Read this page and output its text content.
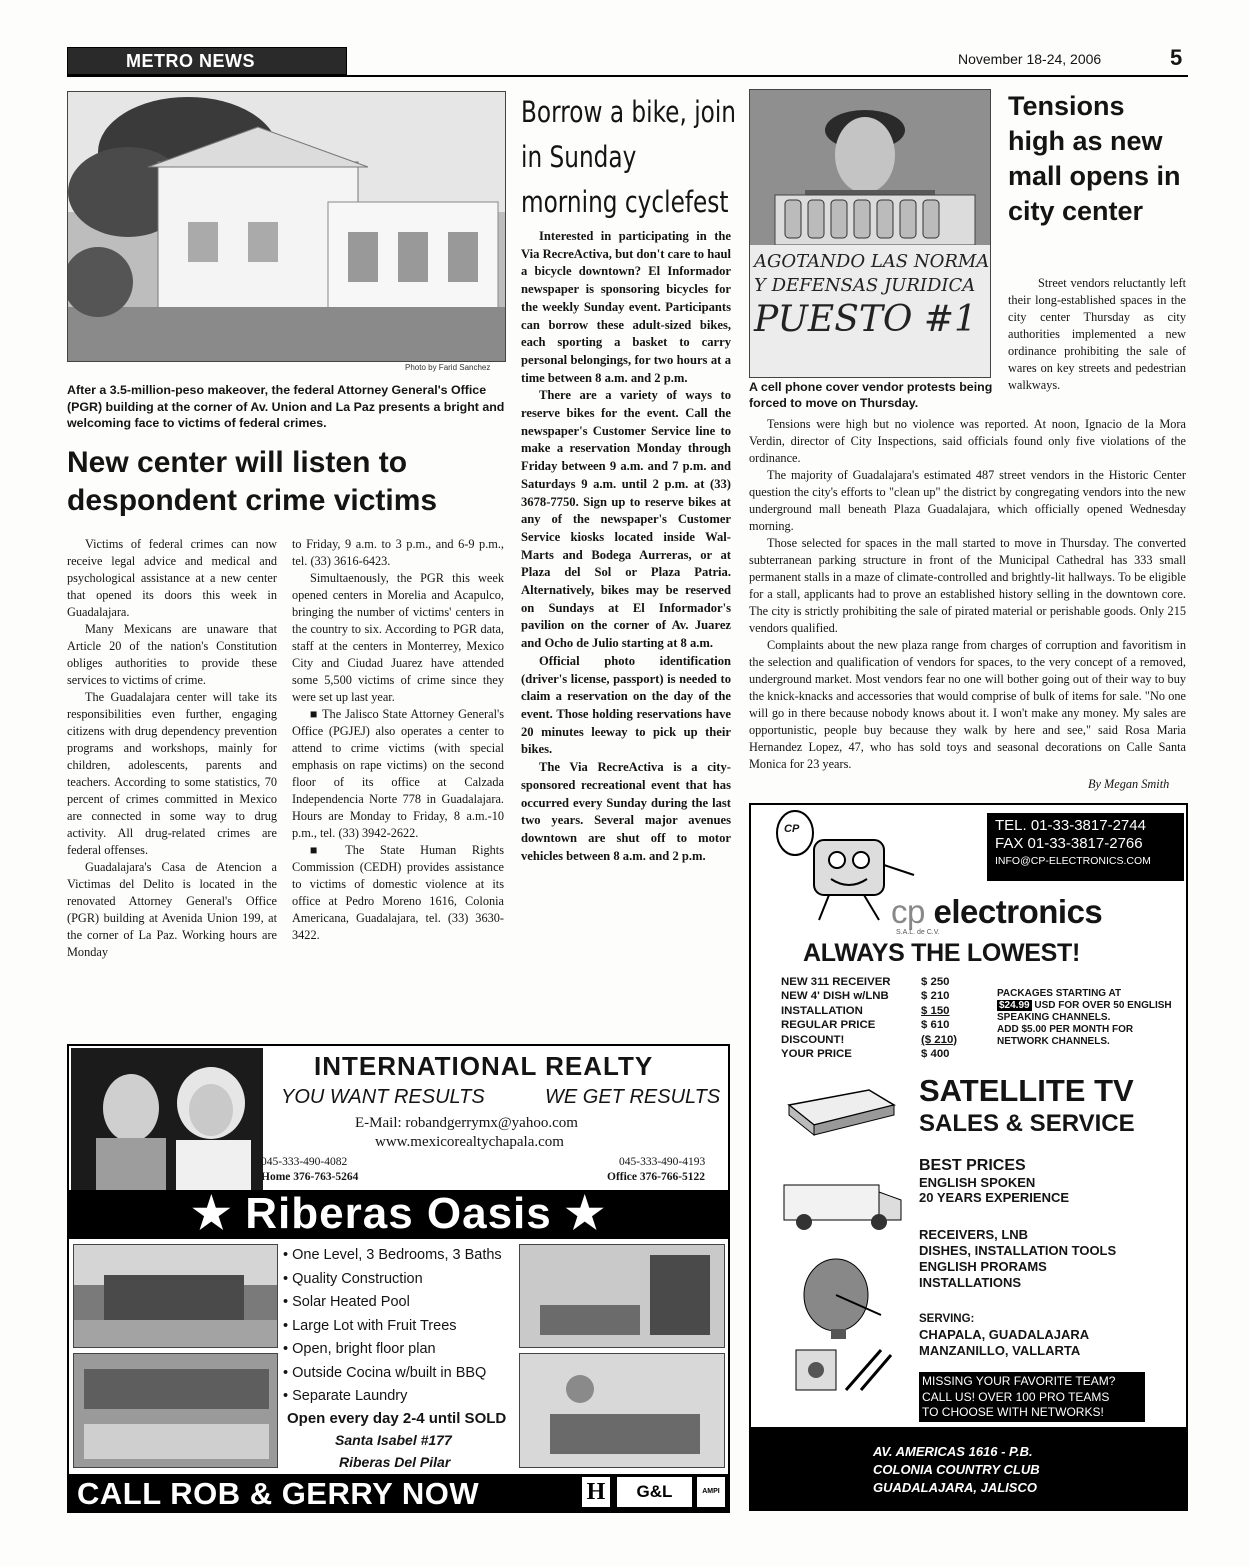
METRO NEWS	November 18-24, 2006	5
Photo by Farid Sanchez
After a 3.5-million-peso makeover, the federal Attorney General's Office (PGR) building at the corner of Av. Union and La Paz presents a bright and welcoming face to victims of federal crimes.
New center will listen to despondent crime victims

Victims of federal crimes can now receive legal advice and medical and psychological assistance at a new center that opened its doors this week in Guadalajara.

Many Mexicans are unaware that Article 20 of the nation's Constitution obliges authorities to provide these services to victims of crime.

The Guadalajara center will take its responsibilities even further, engaging citizens with drug dependency prevention programs and workshops, mainly for children, adolescents, parents and teachers. According to some statistics, 70 percent of crimes committed in Mexico are connected in some way to drug activity. All drug-related crimes are federal offenses.

Guadalajara's Casa de Atencion a Victimas del Delito is located in the renovated Attorney General's Office (PGR) building at Avenida Union 199, at the corner of La Paz. Working hours are Monday

to Friday, 9 a.m. to 3 p.m., and 6-9 p.m., tel. (33) 3616-6423.

Simultaenously, the PGR this week opened centers in Morelia and Acapulco, bringing the number of victims' centers in the country to six. According to PGR data, staff at the centers in Monterrey, Mexico City and Ciudad Juarez have attended some 5,500 victims of crime since they were set up last year.

■ The Jalisco State Attorney General's Office (PGJEJ) also operates a center to attend to crime victims (with special emphasis on rape victims) on the second floor of its office at Calzada Independencia Norte 778 in Guadalajara. Hours are Monday to Friday, 8 a.m.-10 p.m., tel. (33) 3942-2622.

■ The State Human Rights Commission (CEDH) provides assistance to victims of domestic violence at its office at Pedro Moreno 1616, Colonia Americana, Guadalajara, tel. (33) 3630-3422.

Borrow a bike, join in Sunday morning cyclefest

Interested in participating in the Via RecreActiva, but don't care to haul a bicycle downtown? El Informador newspaper is sponsoring bicycles for the weekly Sunday event. Participants can borrow these adult-sized bikes, each sporting a basket to carry personal belongings, for two hours at a time between 8 a.m. and 2 p.m.

There are a variety of ways to reserve bikes for the event. Call the newspaper's Customer Service line to make a reservation Monday through Friday between 9 a.m. and 7 p.m. and Saturdays 9 a.m. until 2 p.m. at (33) 3678-7750. Sign up to reserve bikes at any of the newspaper's Customer Service kiosks located inside Wal-Marts and Bodega Aurreras, or at Plaza del Sol or Plaza Patria. Alternatively, bikes may be reserved on Sundays at El Informador's pavilion on the corner of Av. Juarez and Ocho de Julio starting at 8 a.m.

Official photo identification (driver's license, passport) is needed to claim a reservation on the day of the event. Those holding reservations have 20 minutes leeway to pick up their bikes.

The Via RecreActiva is a city-sponsored recreational event that has occurred every Sunday during the last two years. Several major avenues downtown are shut off to motor vehicles between 8 a.m. and 2 p.m.

AGOTANDO LAS NORMA
Y DEFENSAS JURIDICA
PUESTO #1
A cell phone cover vendor protests being forced to move on Thursday.
Tensions high as new mall opens in city center

Street vendors reluctantly left their long-established spaces in the city center Thursday as city authorities implemented a new ordinance prohibiting the sale of wares on key streets and pedestrian walkways.

Tensions were high but no violence was reported. At noon, Ignacio de la Mora Verdin, director of City Inspections, said officials found only five violations of the ordinance.

The majority of Guadalajara's estimated 487 street vendors in the Historic Center question the city's efforts to "clean up" the district by congregating vendors into the new underground mall beneath Plaza Guadalajara, which officially opened Wednesday morning.

Those selected for spaces in the mall started to move in Thursday. The converted subterranean parking structure in front of the Municipal Cathedral has 333 small permanent stalls in a maze of climate-controlled and brightly-lit hallways. To be eligible for a stall, applicants had to prove an established history selling in the downtown core. The city is strictly prohibiting the sale of pirated material or perishable goods. Only 215 vendors qualified.

Complaints about the new plaza range from charges of corruption and favoritism in the selection and qualification of vendors for spaces, to the very concept of a removed, underground market. Most vendors fear no one will bother going out of their way to buy the knick-knacks and accessories that would comprise of bulk of items for sale. "No one will go in there because nobody knows about it. I won't make any money. My sales are opportunistic, people buy because they walk by here and see," said Rosa Maria Hernandez Lopez, 47, who has sold toys and seasonal decorations on Calle Santa Monica for 23 years.

By Megan Smith
INTERNATIONAL REALTY
YOU WANT RESULTS	WE GET RESULTS
E-Mail: robandgerrymx@yahoo.com
www.mexicorealtychapala.com
045-333-490-4082
Home 376-763-5264
045-333-490-4193
Office 376-766-5122
★ Riberas Oasis ★
• One Level, 3 Bedrooms, 3 Baths
• Quality Construction
• Solar Heated Pool
• Large Lot with Fruit Trees
• Open, bright floor plan
• Outside Cocina w/built in BBQ
• Separate Laundry
Open every day 2-4 until SOLD
Santa Isabel #177
Riberas Del Pilar
CALL ROB & GERRY NOW	H	G&L	AMPI
TEL. 01-33-3817-2744
FAX 01-33-3817-2766
INFO@CP-ELECTRONICS.COM
CP
cp electronics
S.A.L. de C.V.
ALWAYS THE LOWEST!
NEW 311 RECEIVER	$ 250
NEW 4' DISH w/LNB	$ 210
INSTALLATION	$ 150
REGULAR PRICE	$ 610
DISCOUNT!	($ 210)
YOUR PRICE	$ 400
PACKAGES STARTING AT
$24.99 USD FOR OVER 50 ENGLISH SPEAKING CHANNELS.
ADD $5.00 PER MONTH FOR NETWORK CHANNELS.
SATELLITE TV
SALES & SERVICE
BEST PRICES
ENGLISH SPOKEN
20 YEARS EXPERIENCE
RECEIVERS, LNB
DISHES, INSTALLATION TOOLS
ENGLISH PRORAMS
INSTALLATIONS
SERVING:
CHAPALA, GUADALAJARA
MANZANILLO, VALLARTA
MISSING YOUR FAVORITE TEAM?
CALL US! OVER 100 PRO TEAMS
TO CHOOSE WITH NETWORKS!
AV. AMERICAS 1616 - P.B.
COLONIA COUNTRY CLUB
GUADALAJARA, JALISCO
